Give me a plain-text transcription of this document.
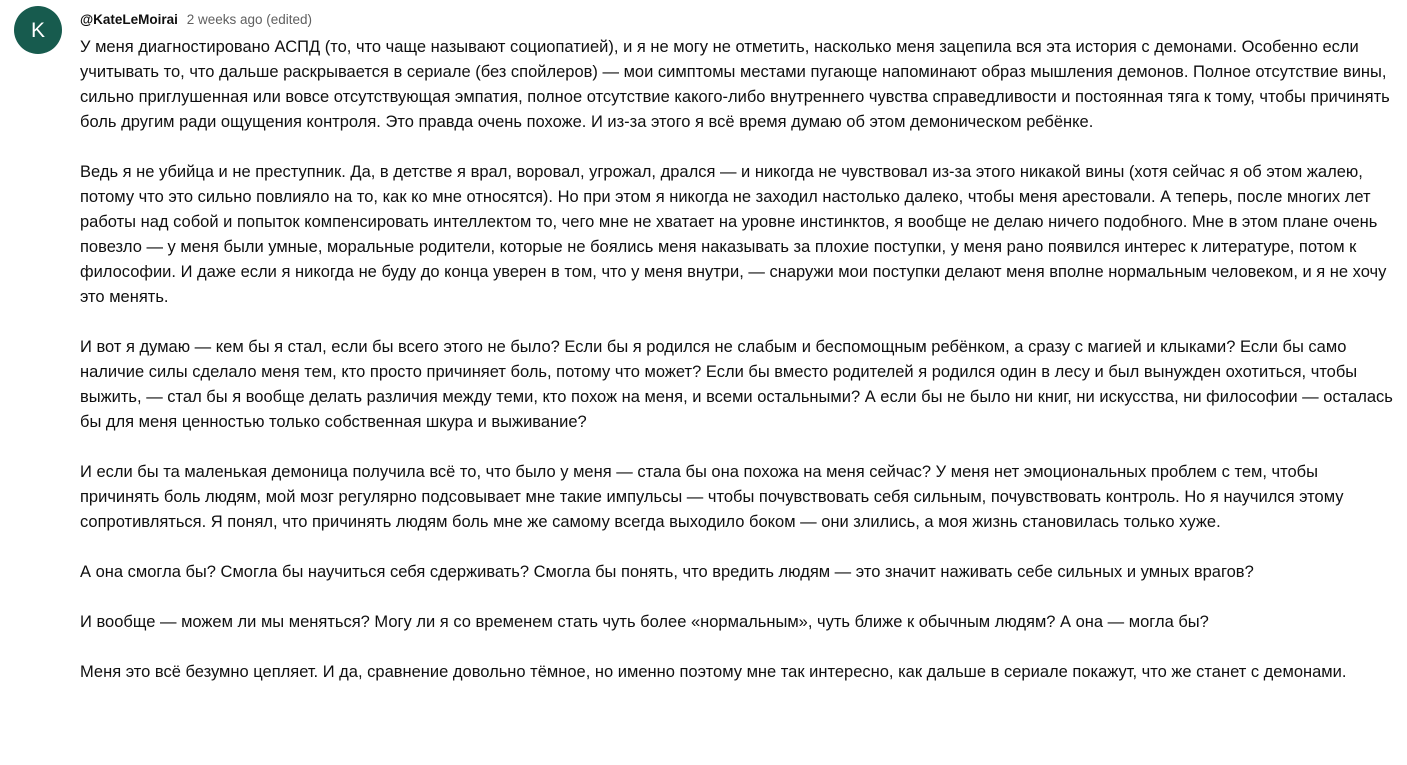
K	@KateLeMoirai 2 weeks ago (edited)

У меня диагностировано АСПД (то, что чаще называют социопатией), и я не могу не отметить, насколько меня зацепила вся эта история с демонами. Особенно если учитывать то, что дальше раскрывается в сериале (без спойлеров) — мои симптомы местами пугающе напоминают образ мышления демонов. Полное отсутствие вины, сильно приглушенная или вовсе отсутствующая эмпатия, полное отсутствие какого-либо внутреннего чувства справедливости и постоянная тяга к тому, чтобы причинять боль другим ради ощущения контроля. Это правда очень похоже. И из-за этого я всё время думаю об этом демоническом ребёнке.

Ведь я не убийца и не преступник. Да, в детстве я врал, воровал, угрожал, дрался — и никогда не чувствовал из-за этого никакой вины (хотя сейчас я об этом жалею, потому что это сильно повлияло на то, как ко мне относятся). Но при этом я никогда не заходил настолько далеко, чтобы меня арестовали. А теперь, после многих лет работы над собой и попыток компенсировать интеллектом то, чего мне не хватает на уровне инстинктов, я вообще не делаю ничего подобного. Мне в этом плане очень повезло — у меня были умные, моральные родители, которые не боялись меня наказывать за плохие поступки, у меня рано появился интерес к литературе, потом к философии. И даже если я никогда не буду до конца уверен в том, что у меня внутри, — снаружи мои поступки делают меня вполне нормальным человеком, и я не хочу это менять.

И вот я думаю — кем бы я стал, если бы всего этого не было? Если бы я родился не слабым и беспомощным ребёнком, а сразу с магией и клыками? Если бы само наличие силы сделало меня тем, кто просто причиняет боль, потому что может? Если бы вместо родителей я родился один в лесу и был вынужден охотиться, чтобы выжить, — стал бы я вообще делать различия между теми, кто похож на меня, и всеми остальными? А если бы не было ни книг, ни искусства, ни философии — осталась бы для меня ценностью только собственная шкура и выживание?

И если бы та маленькая демоница получила всё то, что было у меня — стала бы она похожа на меня сейчас? У меня нет эмоциональных проблем с тем, чтобы причинять боль людям, мой мозг регулярно подсовывает мне такие импульсы — чтобы почувствовать себя сильным, почувствовать контроль. Но я научился этому сопротивляться. Я понял, что причинять людям боль мне же самому всегда выходило боком — они злились, а моя жизнь становилась только хуже.

А она смогла бы? Смогла бы научиться себя сдерживать? Смогла бы понять, что вредить людям — это значит наживать себе сильных и умных врагов?

И вообще — можем ли мы меняться? Могу ли я со временем стать чуть более «нормальным», чуть ближе к обычным людям? А она — могла бы?

Меня это всё безумно цепляет. И да, сравнение довольно тёмное, но именно поэтому мне так интересно, как дальше в сериале покажут, что же станет с демонами.
